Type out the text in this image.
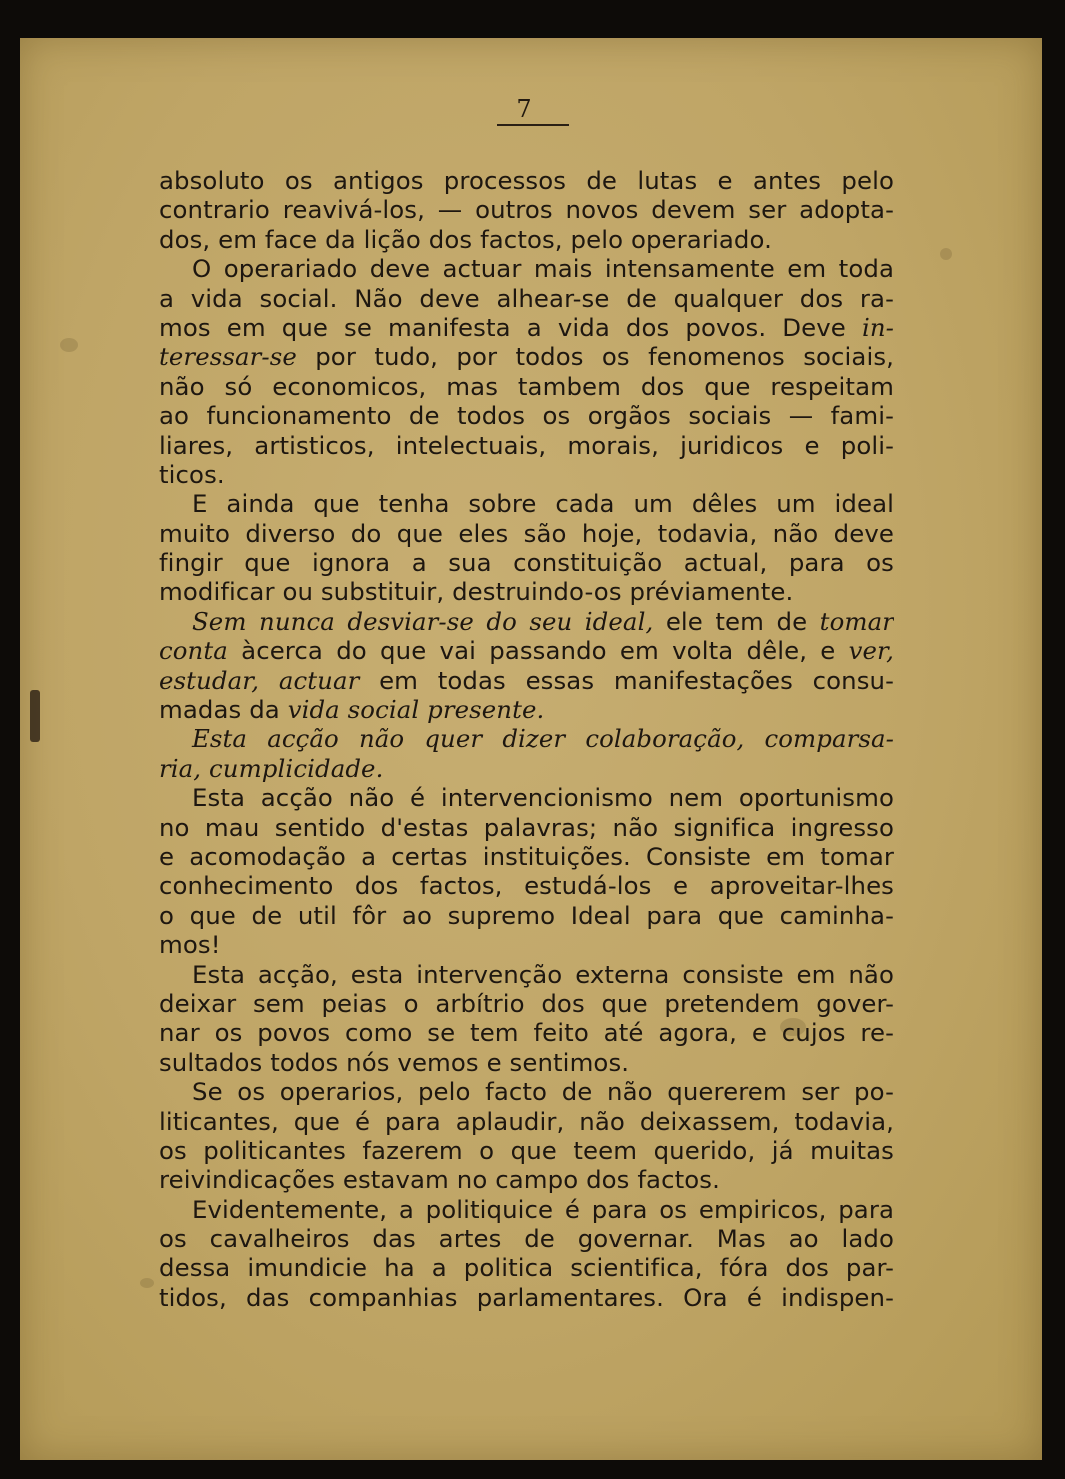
7
absoluto os antigos processos de lutas e antes pelo
contrario reavivá-los, — outros novos devem ser adopta-
dos, em face da lição dos factos, pelo operariado.
O operariado deve actuar mais intensamente em toda
a vida social. Não deve alhear-se de qualquer dos ra-
mos em que se manifesta a vida dos povos. Deve in-
teressar-se por tudo, por todos os fenomenos sociais,
não só economicos, mas tambem dos que respeitam
ao funcionamento de todos os orgãos sociais — fami-
liares, artisticos, intelectuais, morais, juridicos e poli-
ticos.
E ainda que tenha sobre cada um dêles um ideal
muito diverso do que eles são hoje, todavia, não deve
fingir que ignora a sua constituição actual, para os
modificar ou substituir, destruindo-os préviamente.
Sem nunca desviar-se do seu ideal, ele tem de tomar
conta àcerca do que vai passando em volta dêle, e ver,
estudar, actuar em todas essas manifestações consu-
madas da vida social presente.
Esta acção não quer dizer colaboração, comparsa-
ria, cumplicidade.
Esta acção não é intervencionismo nem oportunismo
no mau sentido d'estas palavras; não significa ingresso
e acomodação a certas instituições. Consiste em tomar
conhecimento dos factos, estudá-los e aproveitar-lhes
o que de util fôr ao supremo Ideal para que caminha-
mos!
Esta acção, esta intervenção externa consiste em não
deixar sem peias o arbítrio dos que pretendem gover-
nar os povos como se tem feito até agora, e cujos re-
sultados todos nós vemos e sentimos.
Se os operarios, pelo facto de não quererem ser po-
liticantes, que é para aplaudir, não deixassem, todavia,
os politicantes fazerem o que teem querido, já muitas
reivindicações estavam no campo dos factos.
Evidentemente, a politiquice é para os empiricos, para
os cavalheiros das artes de governar. Mas ao lado
dessa imundicie ha a politica scientifica, fóra dos par-
tidos, das companhias parlamentares. Ora é indispen-
